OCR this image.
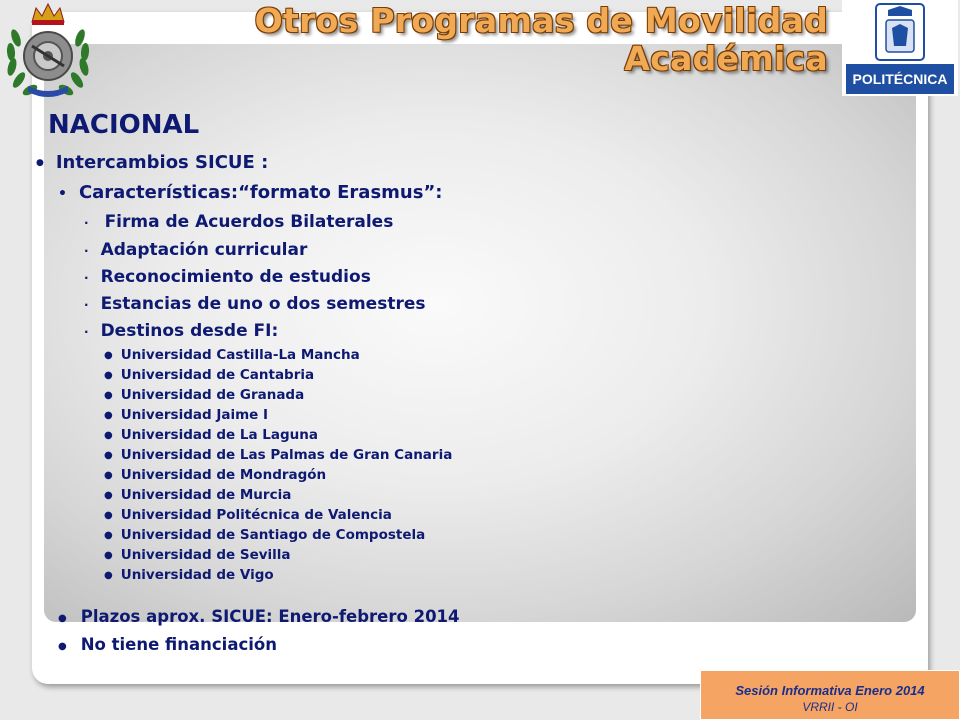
POLITÉCNICA
Otros Programas de Movilidad
Académica
NACIONAL
● Intercambios SICUE :
• Características:“formato Erasmus”:
· Firma de Acuerdos Bilaterales
· Adaptación curricular
· Reconocimiento de estudios
· Estancias de uno o dos semestres
· Destinos desde FI:
● Universidad Castilla-La Mancha
● Universidad de Cantabria
● Universidad de Granada
● Universidad Jaime I
● Universidad de La Laguna
● Universidad de Las Palmas de Gran Canaria
● Universidad de Mondragón
● Universidad de Murcia
● Universidad Politécnica de Valencia
● Universidad de Santiago de Compostela
● Universidad de Sevilla
● Universidad de Vigo
● Plazos aprox. SICUE: Enero-febrero 2014
● No tiene financiación
Sesión Informativa Enero 2014
VRRII - OI
